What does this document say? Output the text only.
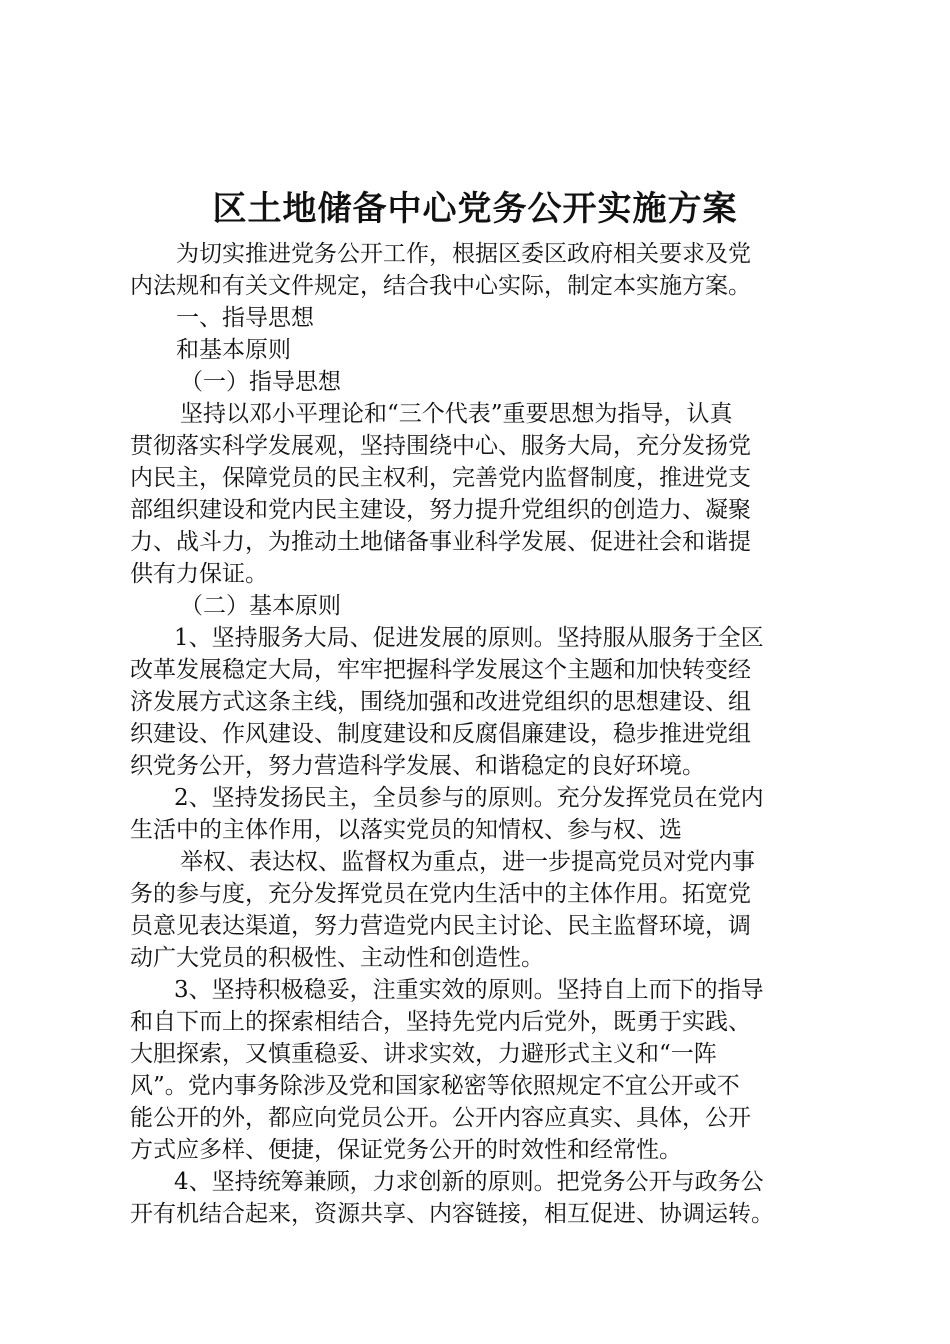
区土地储备中心党务公开实施方案
为切实推进党务公开工作，根据区委区政府相关要求及党
内法规和有关文件规定，结合我中心实际，制定本实施方案。
一、指导思想
和基本原则
（一）指导思想
坚持以邓小平理论和“三个代表”重要思想为指导，认真
贯彻落实科学发展观，坚持围绕中心、服务大局，充分发扬党
内民主，保障党员的民主权利，完善党内监督制度，推进党支
部组织建设和党内民主建设，努力提升党组织的创造力、凝聚
力、战斗力，为推动土地储备事业科学发展、促进社会和谐提
供有力保证。
（二）基本原则
1、坚持服务大局、促进发展的原则。坚持服从服务于全区
改革发展稳定大局，牢牢把握科学发展这个主题和加快转变经
济发展方式这条主线，围绕加强和改进党组织的思想建设、组
织建设、作风建设、制度建设和反腐倡廉建设，稳步推进党组
织党务公开，努力营造科学发展、和谐稳定的良好环境。
2、坚持发扬民主，全员参与的原则。充分发挥党员在党内
生活中的主体作用，以落实党员的知情权、参与权、选
举权、表达权、监督权为重点，进一步提高党员对党内事
务的参与度，充分发挥党员在党内生活中的主体作用。拓宽党
员意见表达渠道，努力营造党内民主讨论、民主监督环境，调
动广大党员的积极性、主动性和创造性。
3、坚持积极稳妥，注重实效的原则。坚持自上而下的指导
和自下而上的探索相结合，坚持先党内后党外，既勇于实践、
大胆探索，又慎重稳妥、讲求实效，力避形式主义和“一阵
风”。党内事务除涉及党和国家秘密等依照规定不宜公开或不
能公开的外，都应向党员公开。公开内容应真实、具体，公开
方式应多样、便捷，保证党务公开的时效性和经常性。
4、坚持统筹兼顾，力求创新的原则。把党务公开与政务公
开有机结合起来，资源共享、内容链接，相互促进、协调运转。
